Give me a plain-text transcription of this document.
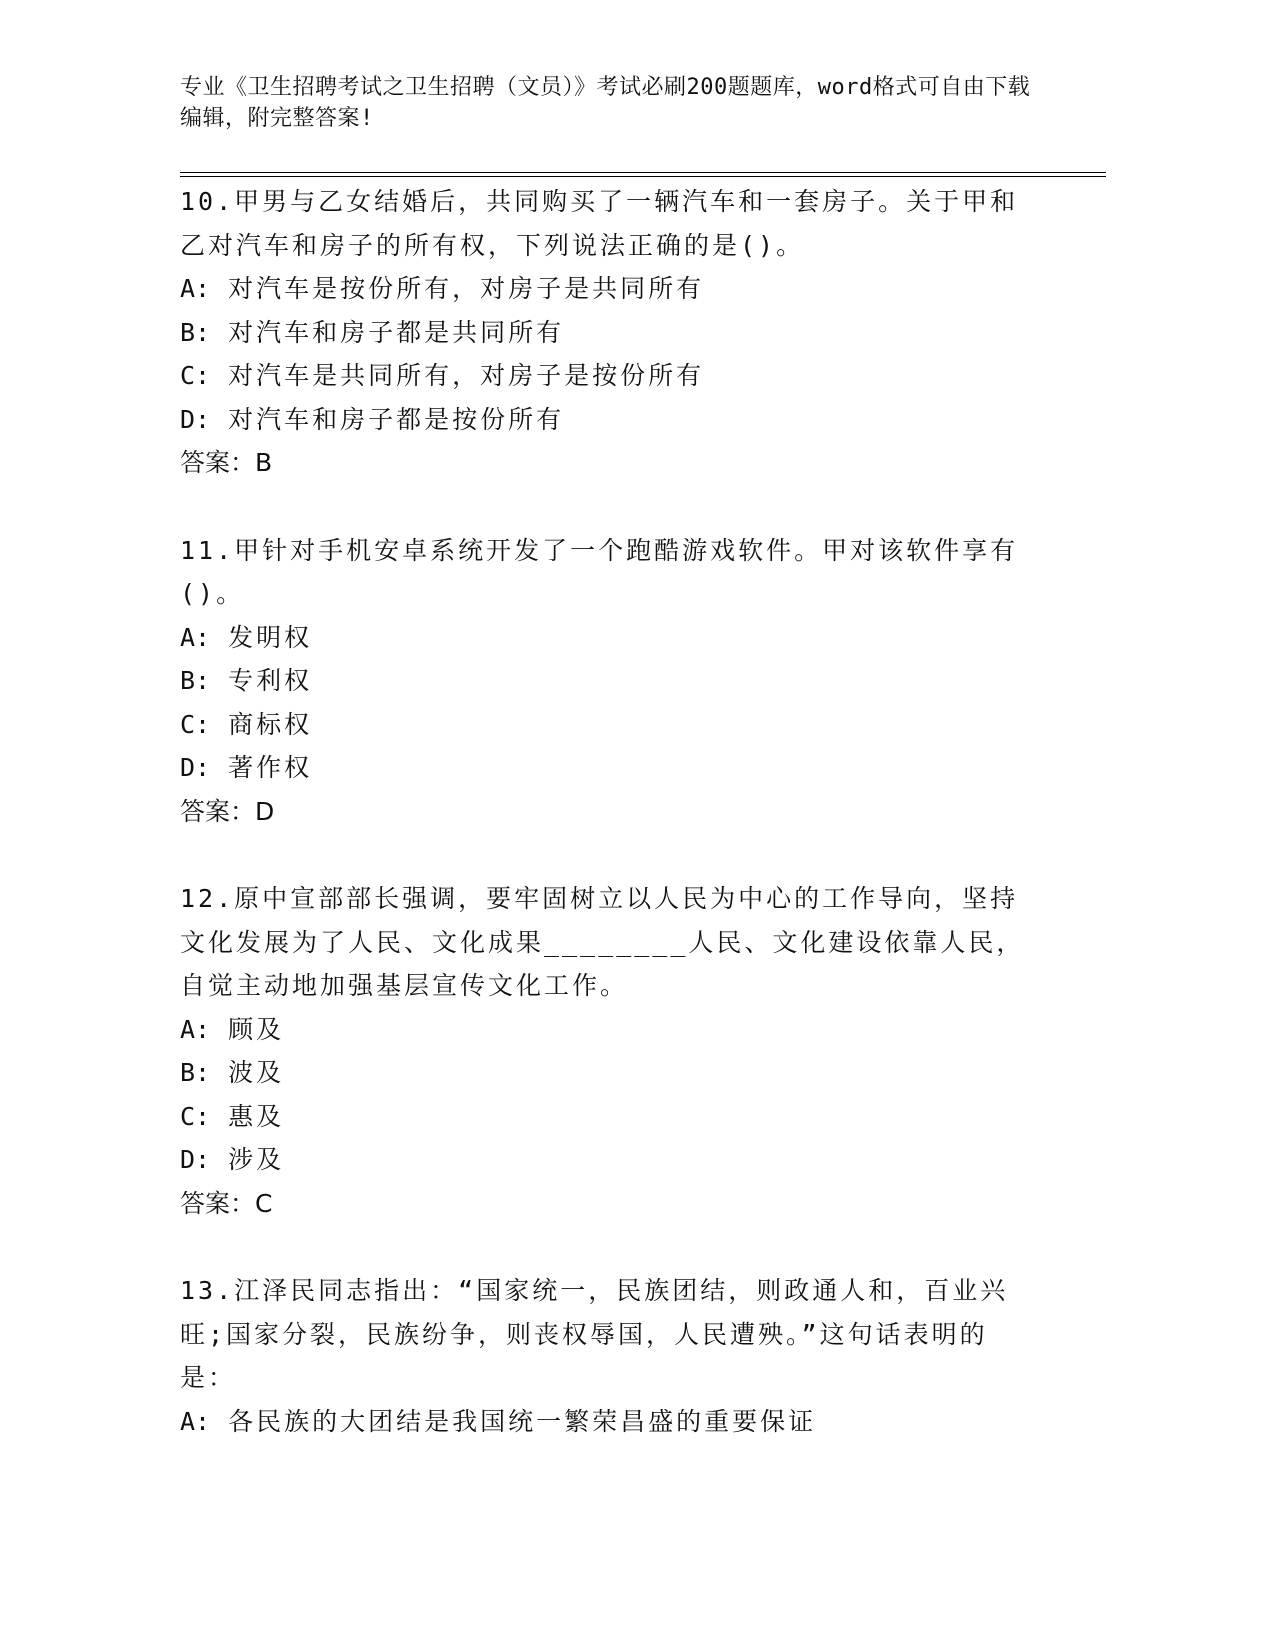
专业《卫生招聘考试之卫生招聘（文员）》考试必刷200题题库，word格式可自由下载编辑，附完整答案!

10.甲男与乙女结婚后，共同购买了一辆汽车和一套房子。关于甲和乙对汽车和房子的所有权，下列说法正确的是()。

A: 对汽车是按份所有，对房子是共同所有

B: 对汽车和房子都是共同所有

C: 对汽车是共同所有，对房子是按份所有

D: 对汽车和房子都是按份所有

答案：B

11.甲针对手机安卓系统开发了一个跑酷游戏软件。甲对该软件享有()。

A: 发明权

B: 专利权

C: 商标权

D: 著作权

答案：D

12.原中宣部部长强调，要牢固树立以人民为中心的工作导向，坚持文化发展为了人民、文化成果________人民、文化建设依靠人民，自觉主动地加强基层宣传文化工作。

A: 顾及

B: 波及

C: 惠及

D: 涉及

答案：C

13.江泽民同志指出：“国家统一，民族团结，则政通人和，百业兴旺;国家分裂，民族纷争，则丧权辱国，人民遭殃。”这句话表明的是：

A: 各民族的大团结是我国统一繁荣昌盛的重要保证
